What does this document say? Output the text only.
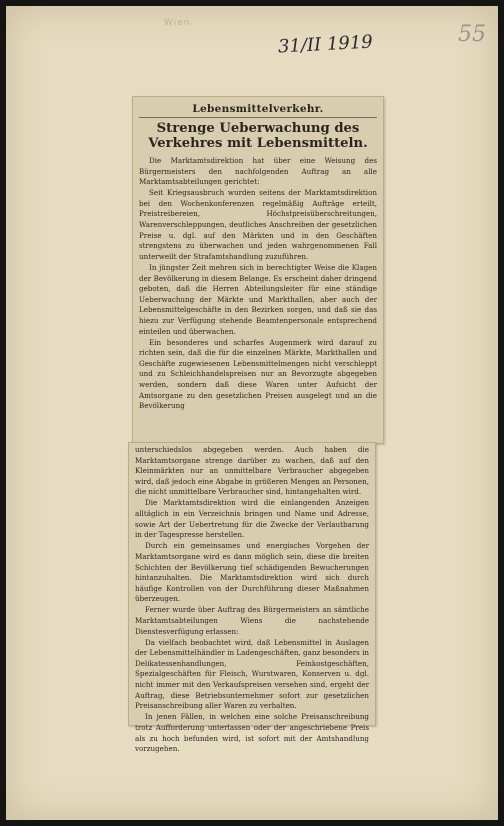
Wien
31/II 1919	55
Lebensmittelverkehr.
Strenge Ueberwachung des Verkehres mit Lebensmitteln.

Die Marktamtsdirektion hat über eine Weisung des Bürgermeisters den nachfolgenden Auftrag an alle Marktamtsabteilungen gerichtet:

Seit Kriegsausbruch wurden seitens der Marktamtsdirektion bei den Wochenkonferenzen regelmäßig Aufträge erteilt, Preistreibereien, Höchstpreisüberschreitungen, Warenverschleppungen, deutliches Anschreiben der gesetzlichen Preise u. dgl. auf den Märkten und in den Geschäften strengstens zu überwachen und jeden wahrgenommenen Fall unterweilt der Strafamtshandlung zuzuführen.

In jüngster Zeit mehren sich in berechtigter Weise die Klagen der Bevölkerung in diesem Belange. Es erscheint daher dringend geboten, daß die Herren Abteilungsleiter für eine ständige Ueberwachung der Märkte und Markthallen, aber auch der Lebensmittelgeschäfte in den Bezirken sorgen, und daß sie das hiezu zur Verfügung stehende Beamtenpersonale entsprechend einteilen und überwachen.

Ein besonderes und scharfes Augenmerk wird darauf zu richten sein, daß die für die einzelnen Märkte, Markthallen und Geschäfte zugewiesenen Lebensmittelmengen nicht verschleppt und zu Schleichhandelspreisen nur an Bevorzugte abgegeben werden, sondern daß diese Waren unter Aufsicht der Amtsorgane zu den gesetzlichen Preisen ausgelegt und an die Bevölkerung

unterschiedslos abgegeben werden. Auch haben die Marktamtsorgane strenge darüber zu wachen, daß auf den Kleinmärkten nur an unmittelbare Verbraucher abgegeben wird, daß jedoch eine Abgabe in größeren Mengen an Personen, die nicht unmittelbare Verbraucher sind, hintangehalten wird.

Die Marktamtsdirektion wird die einlangenden Anzeigen alltäglich in ein Verzeichnis bringen und Name und Adresse, sowie Art der Uebertretung für die Zwecke der Verlautbarung in der Tagespresse herstellen.

Durch ein gemeinsames und energisches Vorgehen der Marktamtsorgane wird es dann möglich sein, diese die breiten Schichten der Bevölkerung tief schädigenden Bewucherungen hintanzuhalten. Die Marktamtsdirektion wird sich durch häufige Kontrollen von der Durchführung dieser Maßnahmen überzeugen.

Ferner wurde über Auftrag des Bürgermeisters an sämtliche Marktamtsabteilungen Wiens die nachstehende Dienstesverfügung erlassen:

Da vielfach beobachtet wird, daß Lebensmittel in Auslagen der Lebensmittelhändler in Ladengeschäften, ganz besonders in Delikatessenhandlungen, Feinkostgeschäften, Spezialgeschäften für Fleisch, Wurstwaren, Konserven u. dgl. nicht immer mit den Verkaufspreisen versehen sind, ergeht der Auftrag, diese Betriebsunternehmer sofort zur gesetzlichen Preisanschreibung aller Waren zu verhalten.

In jenen Fällen, in welchen eine solche Preisanschreibung trotz Aufforderung unterlassen oder der angeschriebene Preis als zu hoch befunden wird, ist sofort mit der Amtshandlung vorzugehen.
